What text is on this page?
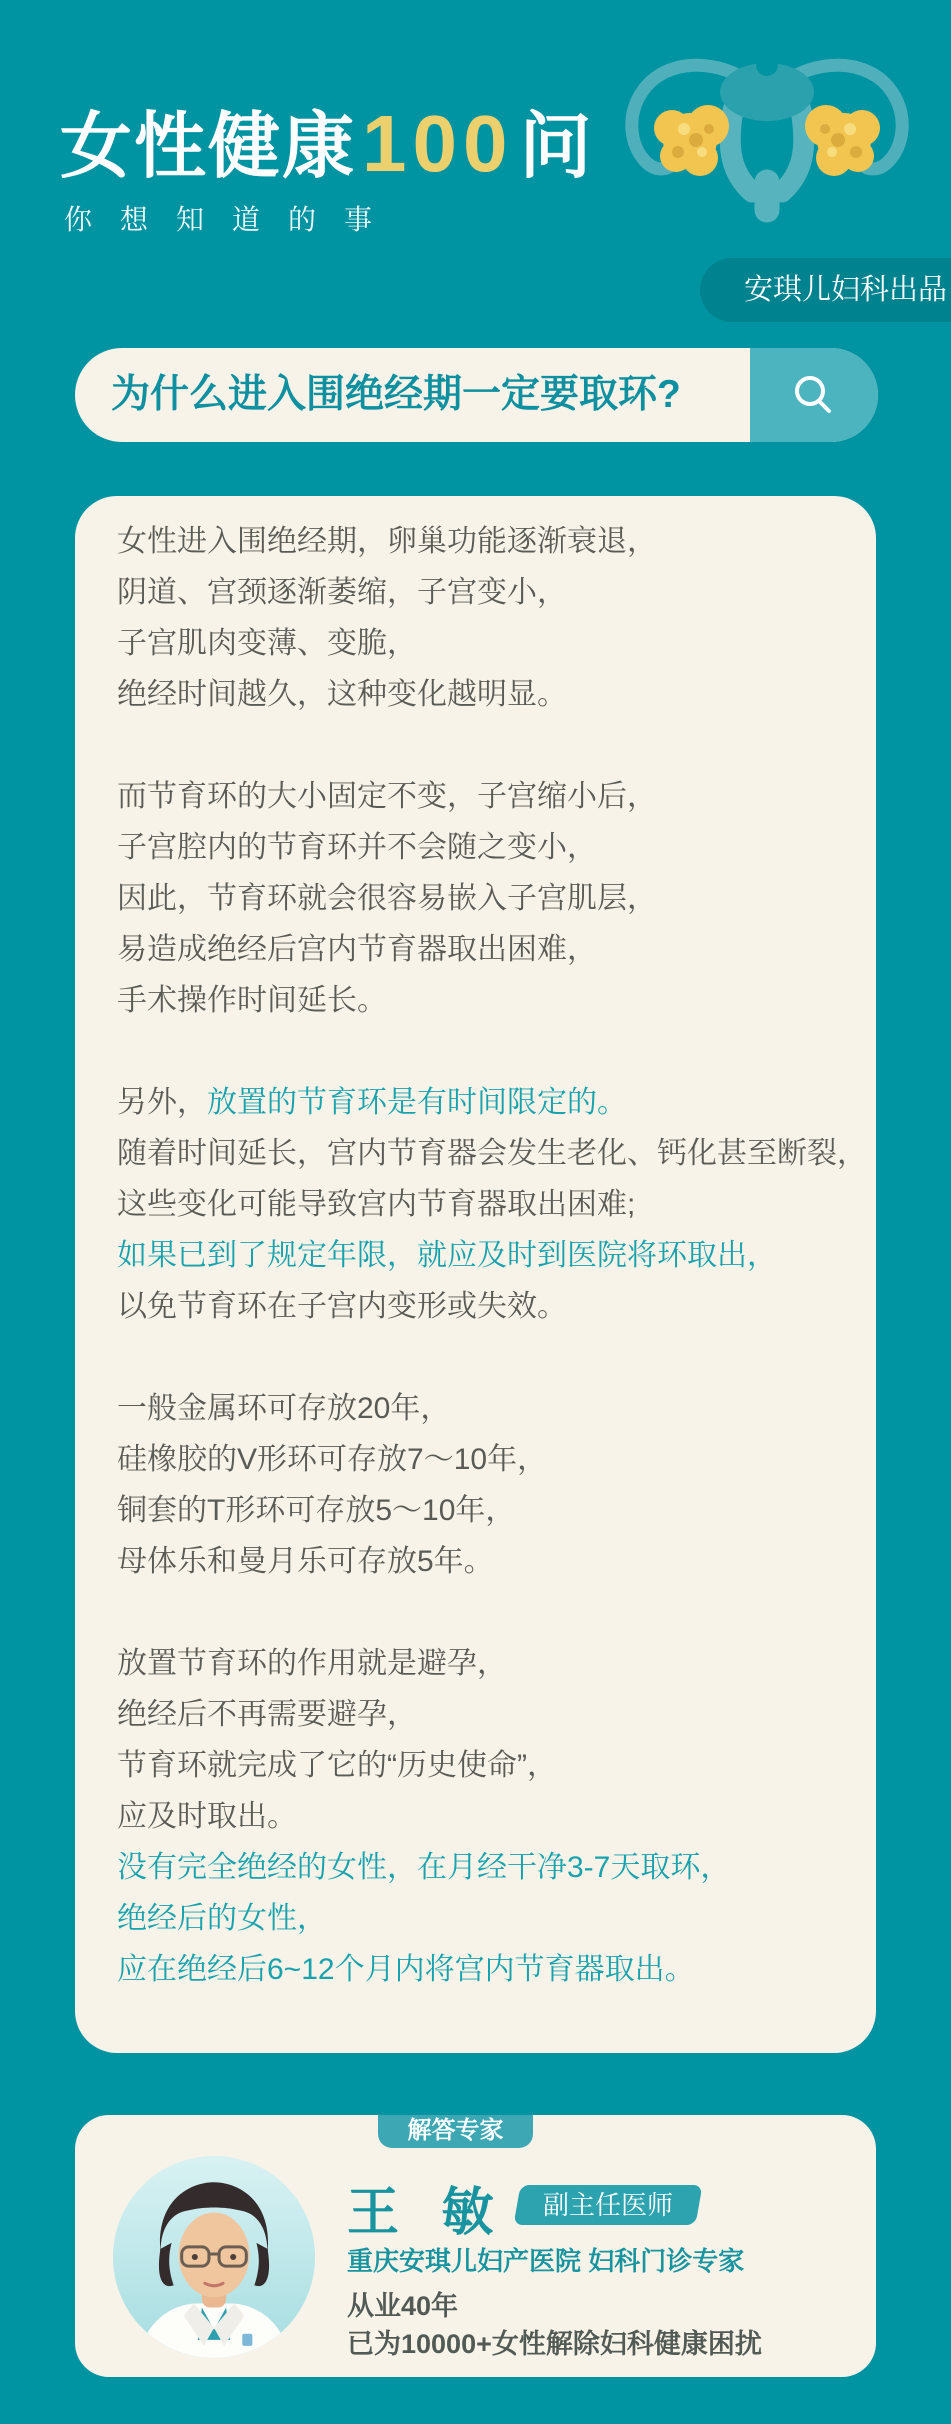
女性健康100问
你想知道的事
安琪儿妇科出品
为什么进入围绝经期一定要取环?
女性进入围绝经期，卵巢功能逐渐衰退，
阴道、宫颈逐渐萎缩，子宫变小，
子宫肌肉变薄、变脆，
绝经时间越久，这种变化越明显。
而节育环的大小固定不变，子宫缩小后，
子宫腔内的节育环并不会随之变小，
因此，节育环就会很容易嵌入子宫肌层，
易造成绝经后宫内节育器取出困难，
手术操作时间延长。
另外，放置的节育环是有时间限定的。
随着时间延长，宫内节育器会发生老化、钙化甚至断裂，
这些变化可能导致宫内节育器取出困难;
如果已到了规定年限，就应及时到医院将环取出，
以免节育环在子宫内变形或失效。
一般金属环可存放20年，
硅橡胶的V形环可存放7～10年，
铜套的T形环可存放5～10年，
母体乐和曼月乐可存放5年。
放置节育环的作用就是避孕，
绝经后不再需要避孕，
节育环就完成了它的“历史使命”，
应及时取出。
没有完全绝经的女性，在月经干净3-7天取环，
绝经后的女性，
应在绝经后6~12个月内将宫内节育器取出。
解答专家
王 敏	副主任医师
重庆安琪儿妇产医院 妇科门诊专家
从业40年
已为10000+女性解除妇科健康困扰
